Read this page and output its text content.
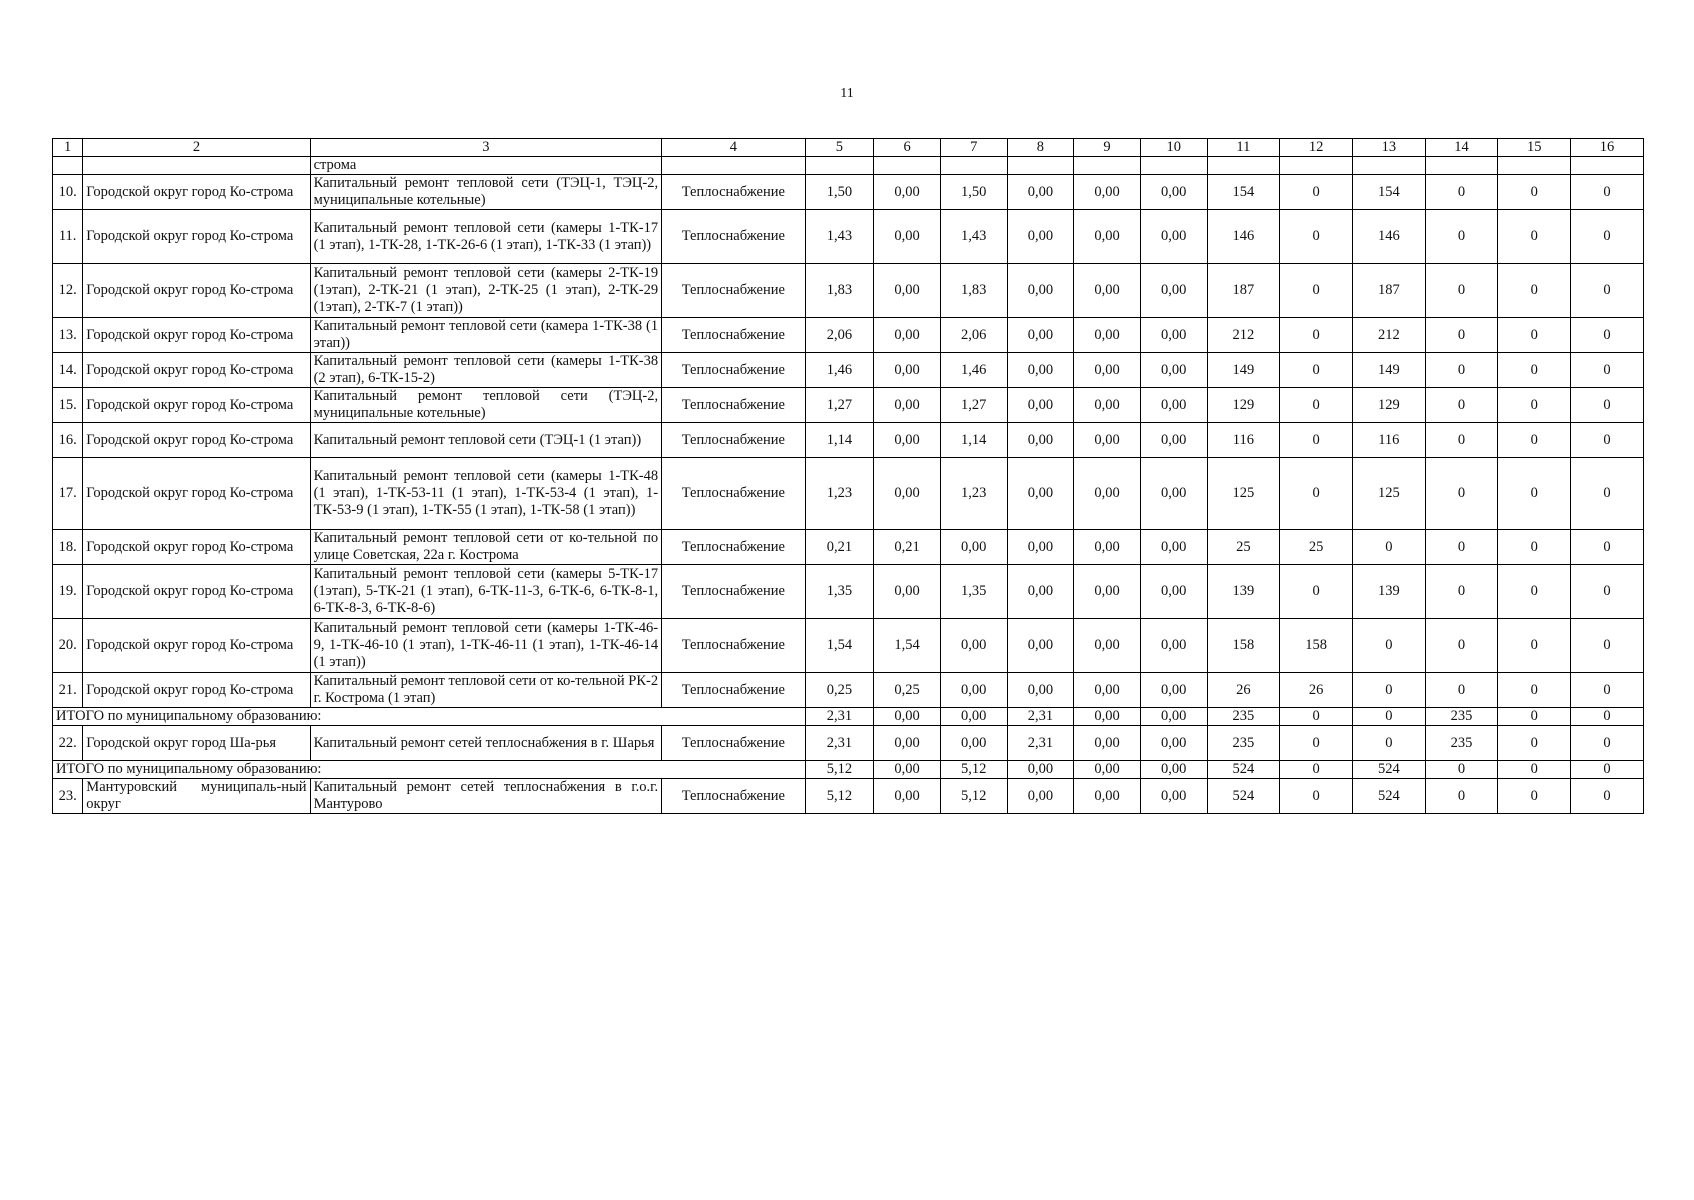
11
1	2	3	4	5	6	7	8	9	10	11	12	13	14	15	16
		строма													
10.	Городской округ город Ко-строма	Капитальный ремонт тепловой сети (ТЭЦ-1, ТЭЦ-2, муниципальные котельные)	Теплоснабжение	1,50	0,00	1,50	0,00	0,00	0,00	154	0	154	0	0	0
11.	Городской округ город Ко-строма	Капитальный ремонт тепловой сети (камеры 1-ТК-17 (1 этап), 1-ТК-28, 1-ТК-26-6 (1 этап), 1-ТК-33 (1 этап))	Теплоснабжение	1,43	0,00	1,43	0,00	0,00	0,00	146	0	146	0	0	0
12.	Городской округ город Ко-строма	Капитальный ремонт тепловой сети (камеры 2-ТК-19 (1этап), 2-ТК-21 (1 этап), 2-ТК-25 (1 этап), 2-ТК-29 (1этап), 2-ТК-7 (1 этап))	Теплоснабжение	1,83	0,00	1,83	0,00	0,00	0,00	187	0	187	0	0	0
13.	Городской округ город Ко-строма	Капитальный ремонт тепловой сети (камера 1-ТК-38 (1 этап))	Теплоснабжение	2,06	0,00	2,06	0,00	0,00	0,00	212	0	212	0	0	0
14.	Городской округ город Ко-строма	Капитальный ремонт тепловой сети (камеры 1-ТК-38 (2 этап), 6-ТК-15-2)	Теплоснабжение	1,46	0,00	1,46	0,00	0,00	0,00	149	0	149	0	0	0
15.	Городской округ город Ко-строма	Капитальный ремонт тепловой сети (ТЭЦ-2, муниципальные котельные)	Теплоснабжение	1,27	0,00	1,27	0,00	0,00	0,00	129	0	129	0	0	0
16.	Городской округ город Ко-строма	Капитальный ремонт тепловой сети (ТЭЦ-1 (1 этап))	Теплоснабжение	1,14	0,00	1,14	0,00	0,00	0,00	116	0	116	0	0	0
17.	Городской округ город Ко-строма	Капитальный ремонт тепловой сети (камеры 1-ТК-48 (1 этап), 1-ТК-53-11 (1 этап), 1-ТК-53-4 (1 этап), 1-ТК-53-9 (1 этап), 1-ТК-55 (1 этап), 1-ТК-58 (1 этап))	Теплоснабжение	1,23	0,00	1,23	0,00	0,00	0,00	125	0	125	0	0	0
18.	Городской округ город Ко-строма	Капитальный ремонт тепловой сети от ко-тельной по улице Советская, 22а г. Кострома	Теплоснабжение	0,21	0,21	0,00	0,00	0,00	0,00	25	25	0	0	0	0
19.	Городской округ город Ко-строма	Капитальный ремонт тепловой сети (камеры 5-ТК-17 (1этап), 5-ТК-21 (1 этап), 6-ТК-11-3, 6-ТК-6, 6-ТК-8-1, 6-ТК-8-3, 6-ТК-8-6)	Теплоснабжение	1,35	0,00	1,35	0,00	0,00	0,00	139	0	139	0	0	0
20.	Городской округ город Ко-строма	Капитальный ремонт тепловой сети (камеры 1-ТК-46-9, 1-ТК-46-10 (1 этап), 1-ТК-46-11 (1 этап), 1-ТК-46-14 (1 этап))	Теплоснабжение	1,54	1,54	0,00	0,00	0,00	0,00	158	158	0	0	0	0
21.	Городской округ город Ко-строма	Капитальный ремонт тепловой сети от ко-тельной РК-2 г. Кострома (1 этап)	Теплоснабжение	0,25	0,25	0,00	0,00	0,00	0,00	26	26	0	0	0	0
ИТОГО по муниципальному образованию:				2,31	0,00	0,00	2,31	0,00	0,00	235	0	0	235	0	0
22.	Городской округ город Ша-рья	Капитальный ремонт сетей теплоснабжения в г. Шарья	Теплоснабжение	2,31	0,00	0,00	2,31	0,00	0,00	235	0	0	235	0	0
ИТОГО по муниципальному образованию:				5,12	0,00	5,12	0,00	0,00	0,00	524	0	524	0	0	0
23.	Мантуровский муниципаль-ный округ	Капитальный ремонт сетей теплоснабжения в г.о.г. Мантурово	Теплоснабжение	5,12	0,00	5,12	0,00	0,00	0,00	524	0	524	0	0	0
